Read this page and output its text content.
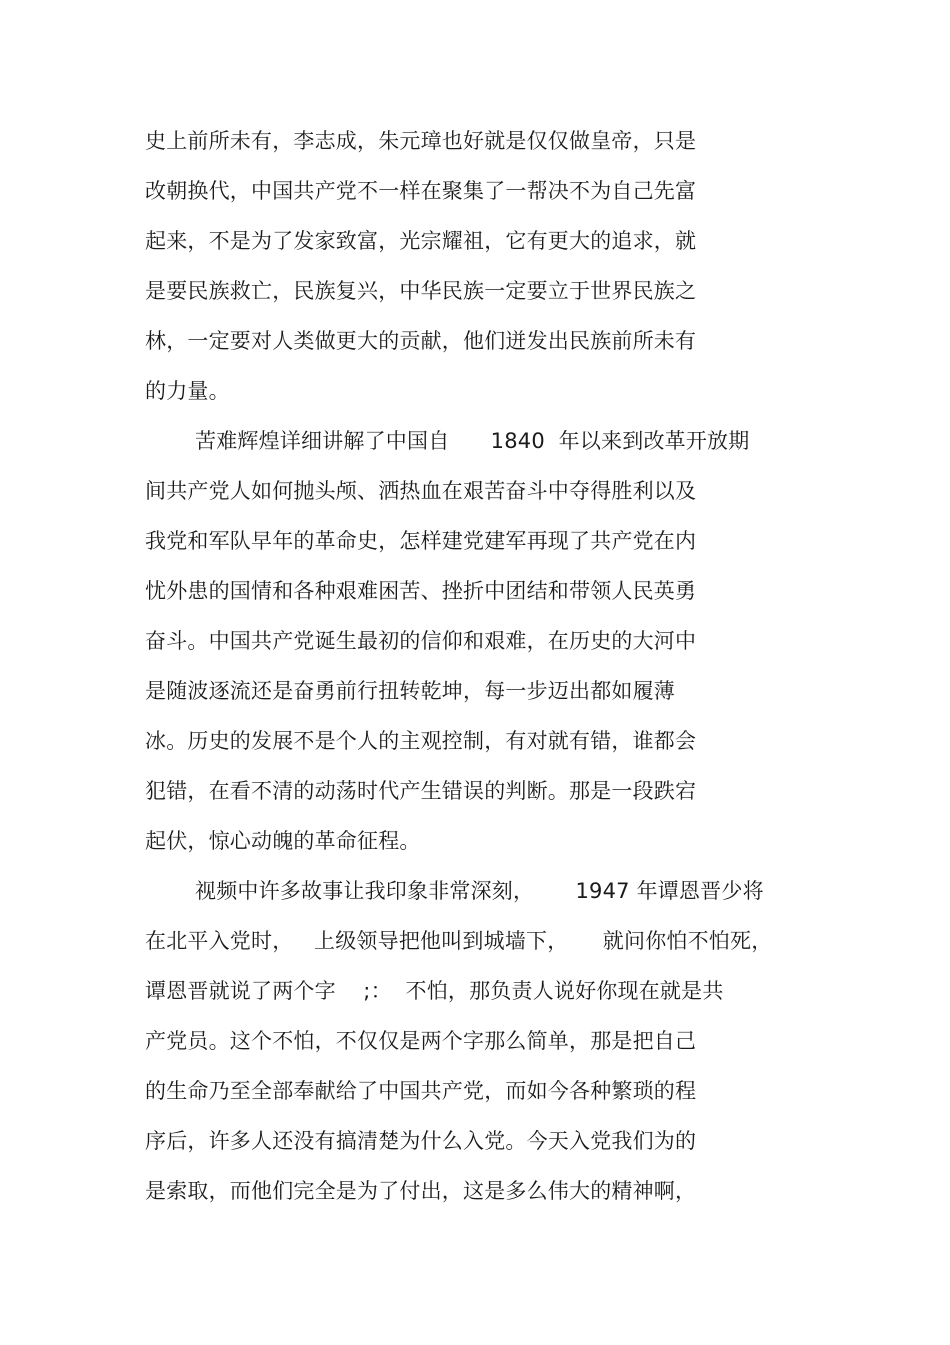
史上前所未有，李志成，朱元璋也好就是仅仅做皇帝，只是
改朝换代，中国共产党不一样在聚集了一帮决不为自己先富
起来，不是为了发家致富，光宗耀祖，它有更大的追求，就
是要民族救亡，民族复兴，中华民族一定要立于世界民族之
林，一定要对人类做更大的贡献，他们迸发出民族前所未有
的力量。
苦难辉煌详细讲解了中国自      1840  年以来到改革开放期
间共产党人如何抛头颅、洒热血在艰苦奋斗中夺得胜利以及
我党和军队早年的革命史，怎样建党建军再现了共产党在内
忧外患的国情和各种艰难困苦、挫折中团结和带领人民英勇
奋斗。中国共产党诞生最初的信仰和艰难，在历史的大河中
是随波逐流还是奋勇前行扭转乾坤，每一步迈出都如履薄
冰。历史的发展不是个人的主观控制，有对就有错，谁都会
犯错，在看不清的动荡时代产生错误的判断。那是一段跌宕
起伏，惊心动魄的革命征程。
视频中许多故事让我印象非常深刻，      1947 年谭恩晋少将
在北平入党时，   上级领导把他叫到城墙下，     就问你怕不怕死，
谭恩晋就说了两个字    ;：  不怕，那负责人说好你现在就是共
产党员。这个不怕，不仅仅是两个字那么简单，那是把自己
的生命乃至全部奉献给了中国共产党，而如今各种繁琐的程
序后，许多人还没有搞清楚为什么入党。今天入党我们为的
是索取，而他们完全是为了付出，这是多么伟大的精神啊，
